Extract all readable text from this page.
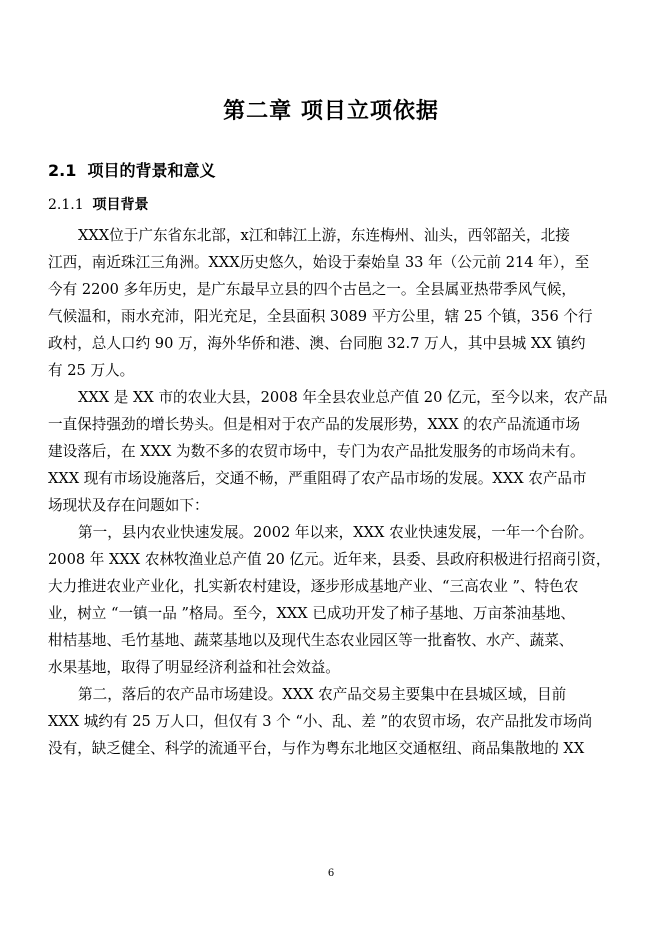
第二章 项目立项依据
2.1 项目的背景和意义
2.1.1 项目背景

XXX位于广东省东北部，x江和韩江上游，东连梅州、汕头，西邻韶关，北接
江西，南近珠江三角洲。XXX历史悠久，始设于秦始皇 33 年（公元前 214 年），至
今有 2200 多年历史，是广东最早立县的四个古邑之一。全县属亚热带季风气候，
气候温和，雨水充沛，阳光充足，全县面积 3089 平方公里，辖 25 个镇，356 个行
政村，总人口约 90 万，海外华侨和港、澳、台同胞 32.7 万人，其中县城 XX 镇约
有 25 万人。

XXX 是 XX 市的农业大县，2008 年全县农业总产值 20 亿元，至今以来，农产品
一直保持强劲的增长势头。但是相对于农产品的发展形势，XXX 的农产品流通市场
建设落后，在 XXX 为数不多的农贸市场中，专门为农产品批发服务的市场尚未有。
XXX 现有市场设施落后，交通不畅，严重阻碍了农产品市场的发展。XXX 农产品市
场现状及存在问题如下：

第一，县内农业快速发展。2002 年以来，XXX 农业快速发展，一年一个台阶。
2008 年 XXX 农林牧渔业总产值 20 亿元。近年来，县委、县政府积极进行招商引资，
大力推进农业产业化，扎实新农村建设，逐步形成基地产业、“三高农业 ”、特色农
业，树立 “一镇一品 ”格局。至今，XXX 已成功开发了柿子基地、万亩茶油基地、
柑桔基地、毛竹基地、蔬菜基地以及现代生态农业园区等一批畜牧、水产、蔬菜、
水果基地，取得了明显经济利益和社会效益。

第二，落后的农产品市场建设。XXX 农产品交易主要集中在县城区域，目前
XXX 城约有 25 万人口，但仅有 3 个 “小、乱、差 ”的农贸市场，农产品批发市场尚
没有，缺乏健全、科学的流通平台，与作为粤东北地区交通枢纽、商品集散地的 XX

6
